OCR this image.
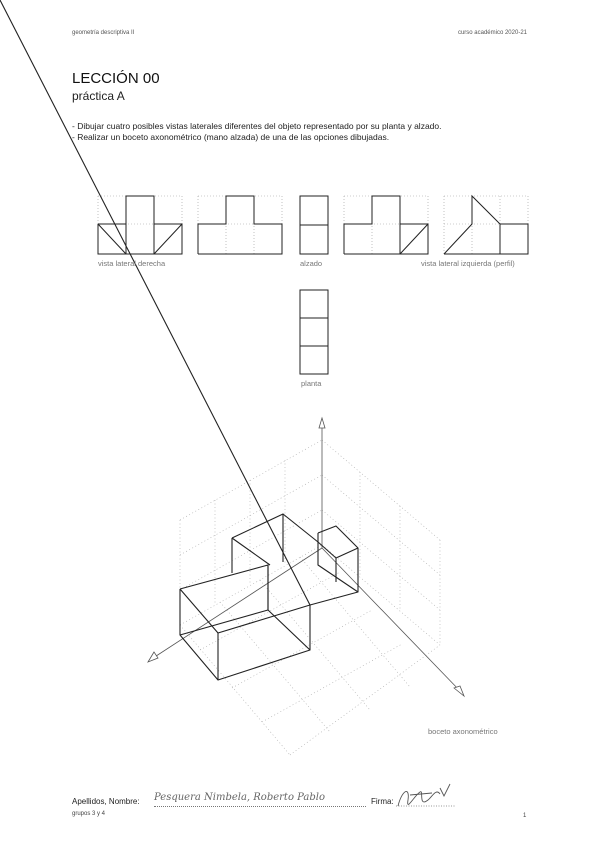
geometría descriptiva II	curso académico 2020-21
LECCIÓN 00
práctica A
- Dibujar cuatro posibles vistas laterales diferentes del objeto representado por su planta y alzado.
- Realizar un boceto axonométrico (mano alzada) de una de las opciones dibujadas.
vista lateral derecha	alzado	vista lateral izquierda (perfil)
planta
boceto axonométrico
Apellidos, Nombre: Pesquera Nimbela, Roberto Pablo	Firma:
grupos 3 y 4	1
